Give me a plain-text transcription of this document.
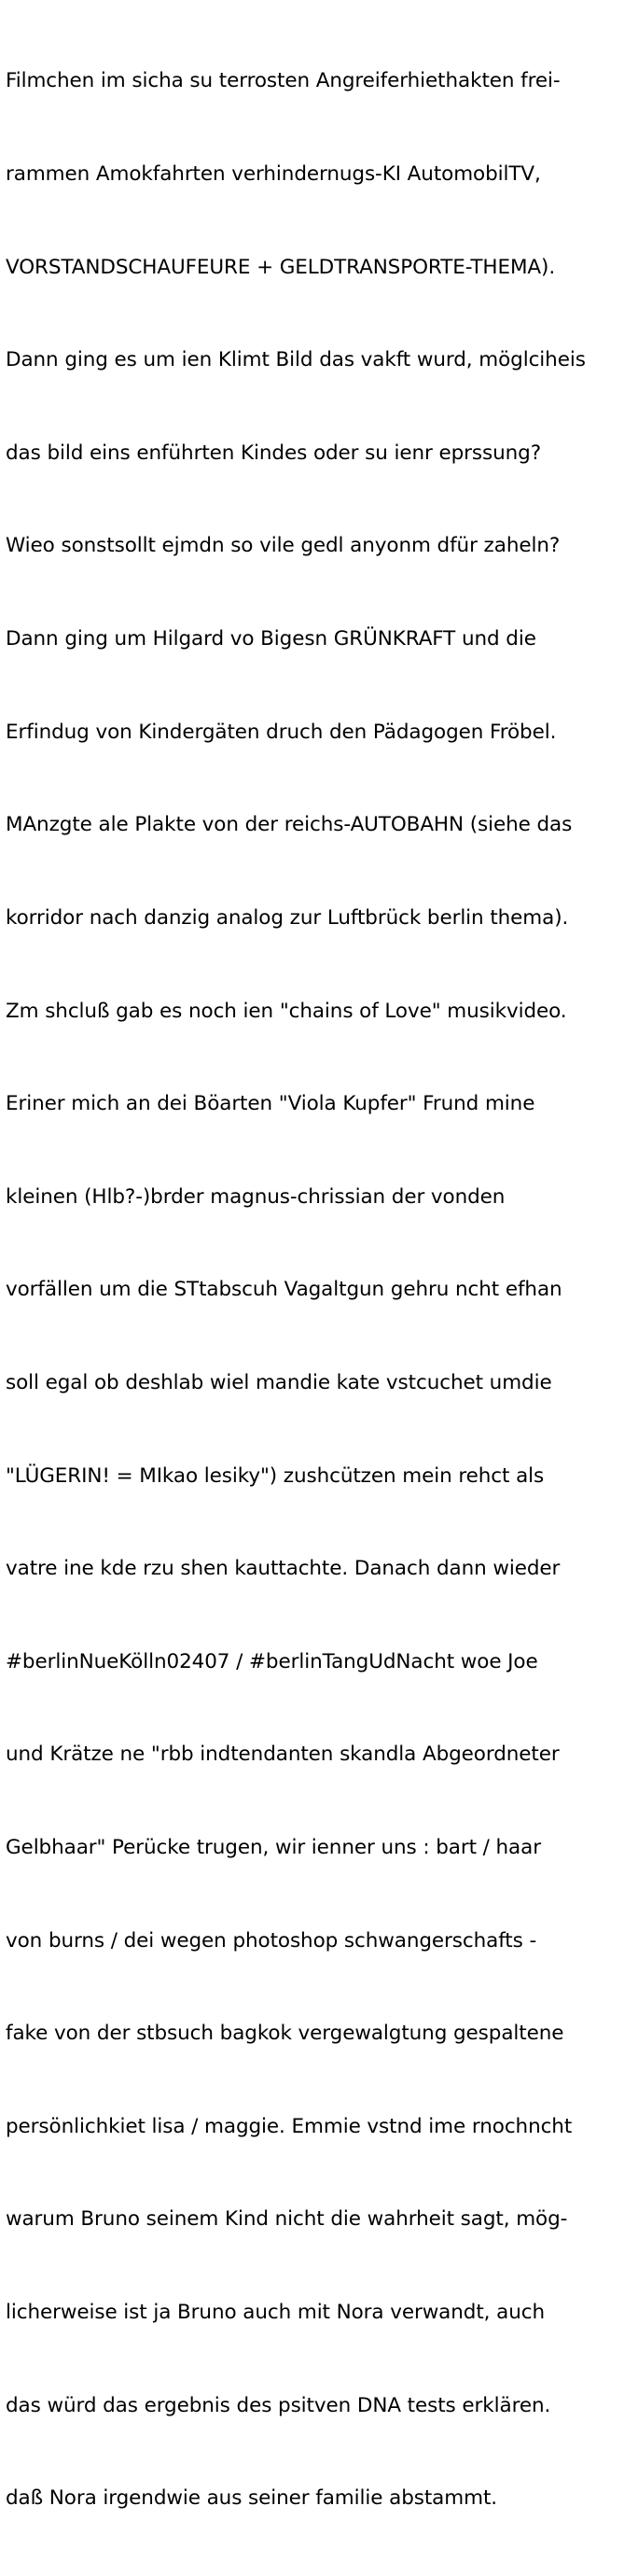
Filmchen im sicha su terrosten Angreiferhiethakten frei-

rammen Amokfahrten verhindernugs-KI AutomobilTV,

VORSTANDSCHAUFEURE + GELDTRANSPORTE-THEMA).

Dann ging es um ien Klimt Bild das vakft wurd, möglciheis

das bild eins enführten Kindes oder su ienr eprssung?

Wieo sonstsollt ejmdn so vile gedl anyonm dfür zaheln?

Dann ging um Hilgard vo Bigesn GRÜNKRAFT und die

Erfindug von Kindergäten druch den Pädagogen Fröbel.

MAnzgte ale Plakte von der reichs-AUTOBAHN (siehe das

korridor nach danzig analog zur Luftbrück berlin thema).

Zm shcluß gab es noch ien "chains of Love" musikvideo.

Eriner mich an dei Böarten "Viola Kupfer" Frund mine

kleinen (Hlb?-)brder magnus-chrissian der vonden

vorfällen um die STtabscuh Vagaltgun gehru ncht efhan

soll egal ob deshlab wiel mandie kate vstcuchet umdie

"LÜGERIN! = MIkao lesiky") zushcützen mein rehct als

vatre ine kde rzu shen kauttachte. Danach dann wieder

#berlinNueKölln02407 / #berlinTangUdNacht woe Joe

und Krätze ne "rbb indtendanten skandla Abgeordneter

Gelbhaar" Perücke trugen, wir ienner uns : bart / haar

von burns / dei wegen photoshop schwangerschafts -

fake von der stbsuch bagkok vergewalgtung gespaltene

persönlichkiet lisa / maggie. Emmie vstnd ime rnochncht

warum Bruno seinem Kind nicht die wahrheit sagt, mög-

licherweise ist ja Bruno auch mit Nora verwandt, auch

das würd das ergebnis des psitven DNA tests erklären.

daß Nora irgendwie aus seiner familie abstammt.
